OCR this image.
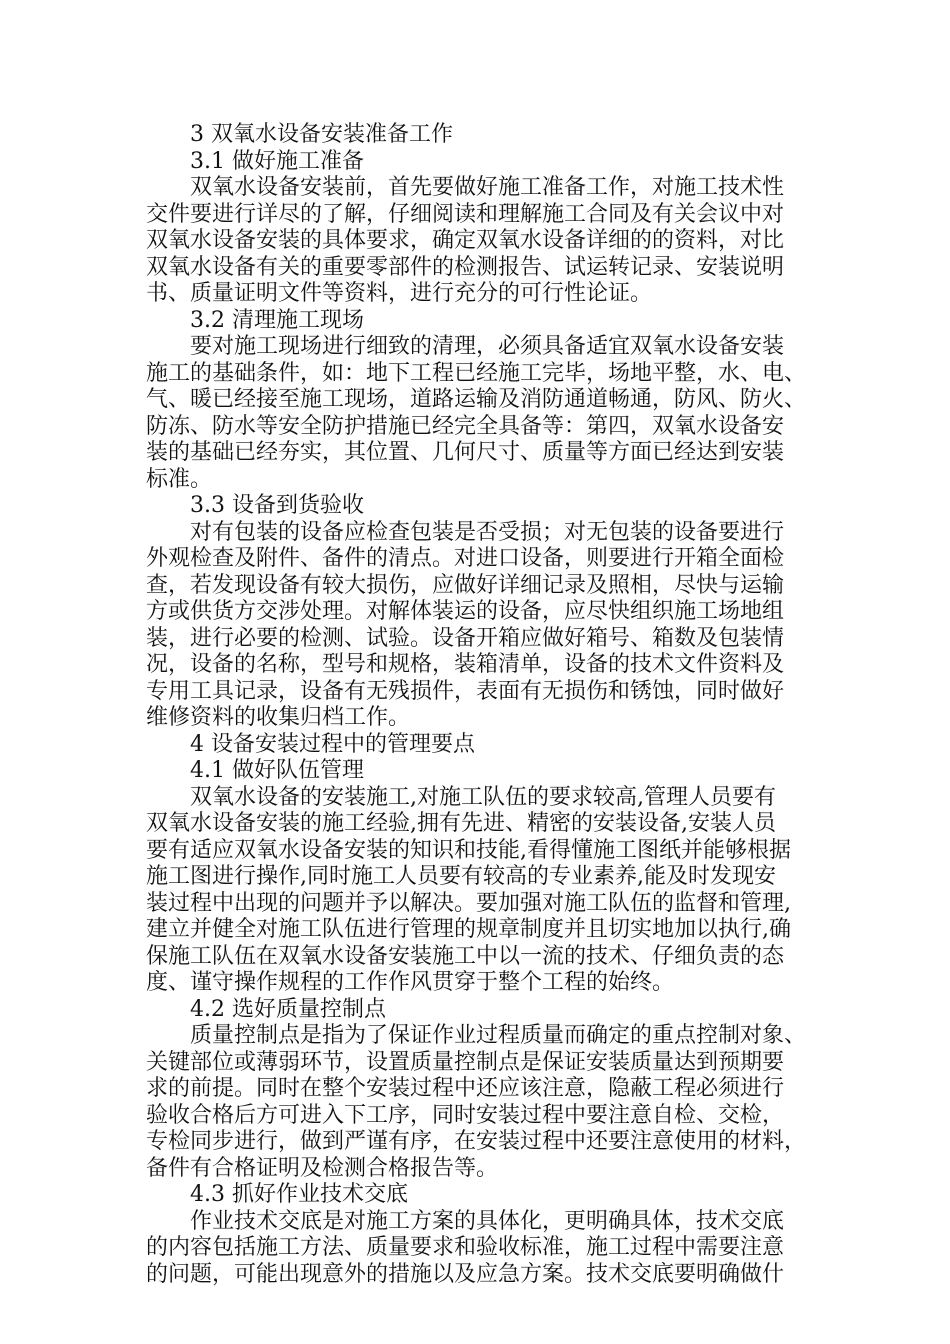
3 双氧水设备安装准备工作
3.1 做好施工准备
双氧水设备安装前，首先要做好施工准备工作，对施工技术性
交件要进行详尽的了解，仔细阅读和理解施工合同及有关会议中对
双氧水设备安装的具体要求，确定双氧水设备详细的的资料，对比
双氧水设备有关的重要零部件的检测报告、试运转记录、安装说明
书、质量证明文件等资料，进行充分的可行性论证。
3.2 清理施工现场
要对施工现场进行细致的清理，必须具备适宜双氧水设备安装
施工的基础条件，如：地下工程已经施工完毕，场地平整，水、电、
气、暖已经接至施工现场，道路运输及消防通道畅通，防风、防火、
防冻、防水等安全防护措施已经完全具备等：第四，双氧水设备安
装的基础已经夯实，其位置、几何尺寸、质量等方面已经达到安装
标准。
3.3 设备到货验收
对有包装的设备应检查包装是否受损；对无包装的设备要进行
外观检查及附件、备件的清点。对进口设备，则要进行开箱全面检
查，若发现设备有较大损伤，应做好详细记录及照相，尽快与运输
方或供货方交涉处理。对解体装运的设备，应尽快组织施工场地组
装，进行必要的检测、试验。设备开箱应做好箱号、箱数及包装情
况，设备的名称，型号和规格，装箱清单，设备的技术文件资料及
专用工具记录，设备有无残损件，表面有无损伤和锈蚀，同时做好
维修资料的收集归档工作。
4 设备安装过程中的管理要点
4.1 做好队伍管理
双氧水设备的安装施工,对施工队伍的要求较高,管理人员要有
双氧水设备安装的施工经验,拥有先进、精密的安装设备,安装人员
要有适应双氧水设备安装的知识和技能,看得懂施工图纸并能够根据
施工图进行操作,同时施工人员要有较高的专业素养,能及时发现安
装过程中出现的问题并予以解决。要加强对施工队伍的监督和管理,
建立并健全对施工队伍进行管理的规章制度并且切实地加以执行,确
保施工队伍在双氧水设备安装施工中以一流的技术、仔细负责的态
度、谨守操作规程的工作作风贯穿于整个工程的始终。
4.2 选好质量控制点
质量控制点是指为了保证作业过程质量而确定的重点控制对象、
关键部位或薄弱环节，设置质量控制点是保证安装质量达到预期要
求的前提。同时在整个安装过程中还应该注意，隐蔽工程必须进行
验收合格后方可进入下工序，同时安装过程中要注意自检、交检，
专检同步进行，做到严谨有序，在安装过程中还要注意使用的材料，
备件有合格证明及检测合格报告等。
4.3 抓好作业技术交底
作业技术交底是对施工方案的具体化，更明确具体，技术交底
的内容包括施工方法、质量要求和验收标准，施工过程中需要注意
的问题，可能出现意外的措施以及应急方案。技术交底要明确做什
